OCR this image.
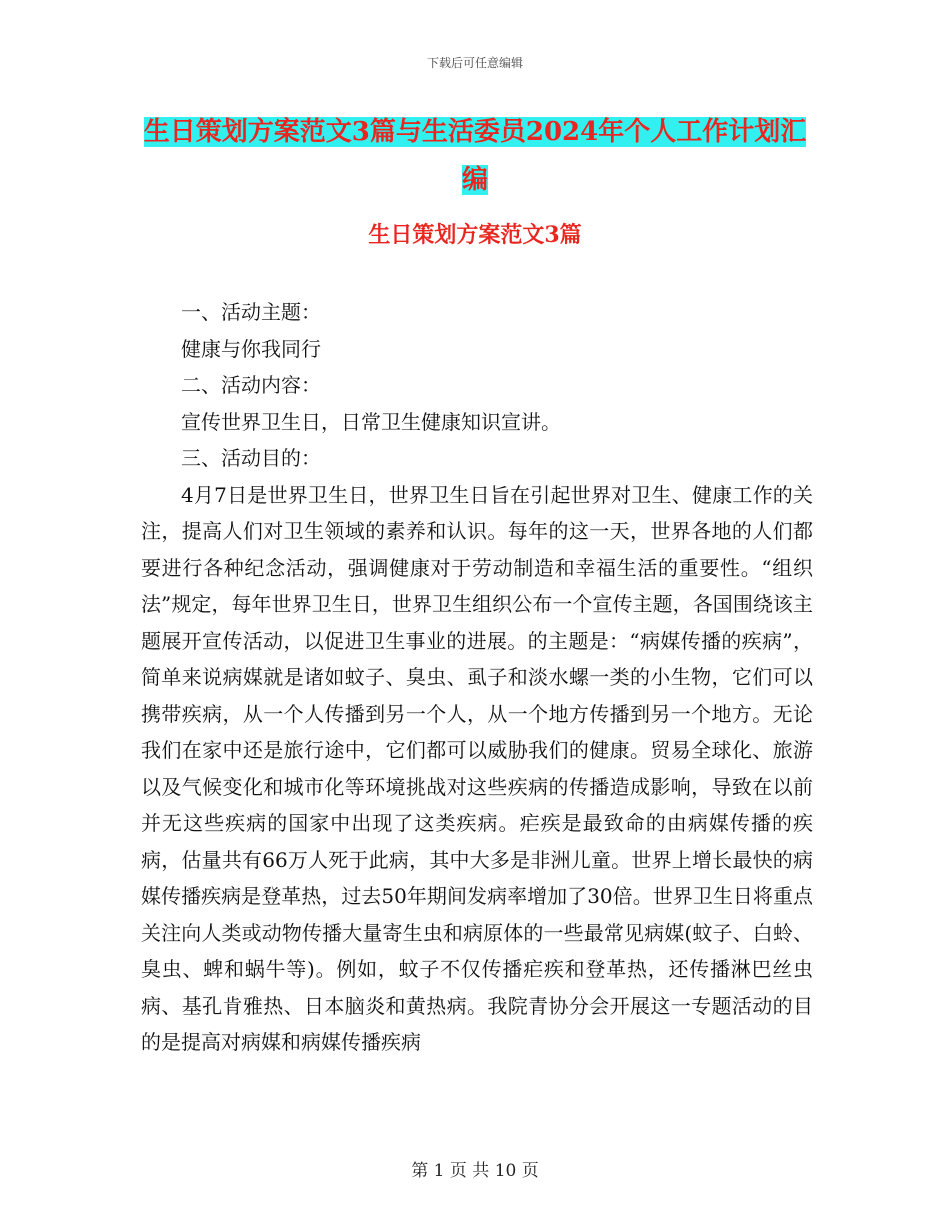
下载后可任意编辑
生日策划方案范文3篇与生活委员2024年个人工作计划汇编
生日策划方案范文3篇

一、活动主题：

健康与你我同行

二、活动内容：

宣传世界卫生日，日常卫生健康知识宣讲。

三、活动目的：

4月7日是世界卫生日，世界卫生日旨在引起世界对卫生、健康工作的关注，提高人们对卫生领域的素养和认识。每年的这一天，世界各地的人们都要进行各种纪念活动，强调健康对于劳动制造和幸福生活的重要性。“组织法”规定，每年世界卫生日，世界卫生组织公布一个宣传主题，各国围绕该主题展开宣传活动，以促进卫生事业的进展。的主题是：“病媒传播的疾病”，简单来说病媒就是诸如蚊子、臭虫、虱子和淡水螺一类的小生物，它们可以携带疾病，从一个人传播到另一个人，从一个地方传播到另一个地方。无论我们在家中还是旅行途中，它们都可以威胁我们的健康。贸易全球化、旅游以及气候变化和城市化等环境挑战对这些疾病的传播造成影响，导致在以前并无这些疾病的国家中出现了这类疾病。疟疾是最致命的由病媒传播的疾病，估量共有66万人死于此病，其中大多是非洲儿童。世界上增长最快的病媒传播疾病是登革热，过去50年期间发病率增加了30倍。世界卫生日将重点关注向人类或动物传播大量寄生虫和病原体的一些最常见病媒(蚊子、白蛉、臭虫、蜱和蜗牛等)。例如，蚊子不仅传播疟疾和登革热，还传播淋巴丝虫病、基孔肯雅热、日本脑炎和黄热病。我院青协分会开展这一专题活动的目的是提高对病媒和病媒传播疾病

第 1 页 共 10 页
